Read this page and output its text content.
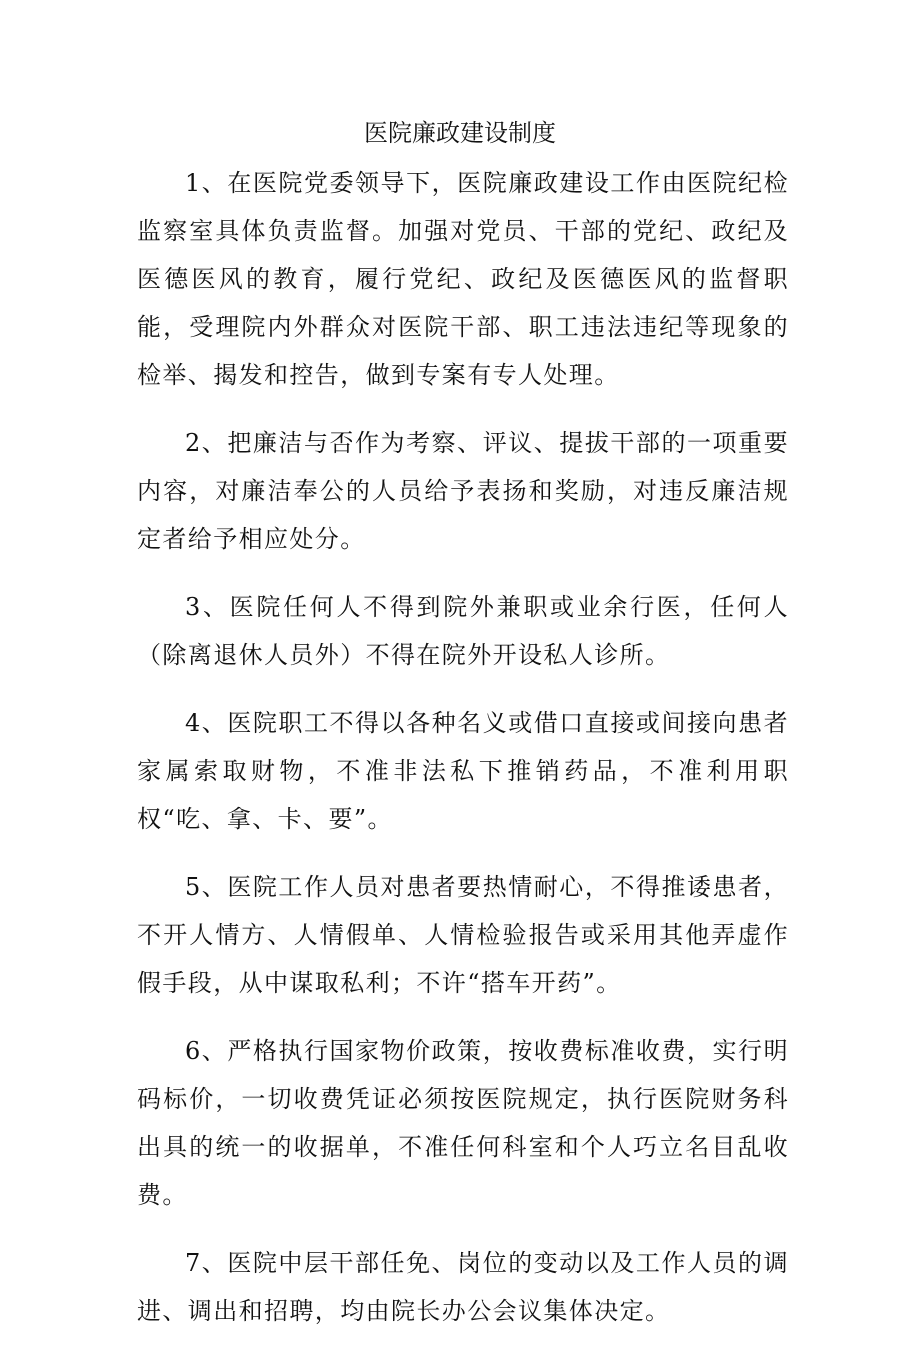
医院廉政建设制度

1、在医院党委领导下，医院廉政建设工作由医院纪检监察室具体负责监督。加强对党员、干部的党纪、政纪及医德医风的教育，履行党纪、政纪及医德医风的监督职能，受理院内外群众对医院干部、职工违法违纪等现象的检举、揭发和控告，做到专案有专人处理。

2、把廉洁与否作为考察、评议、提拔干部的一项重要内容，对廉洁奉公的人员给予表扬和奖励，对违反廉洁规定者给予相应处分。

3、医院任何人不得到院外兼职或业余行医，任何人（除离退休人员外）不得在院外开设私人诊所。

4、医院职工不得以各种名义或借口直接或间接向患者家属索取财物，不准非法私下推销药品，不准利用职权“吃、拿、卡、要”。

5、医院工作人员对患者要热情耐心，不得推诿患者，不开人情方、人情假单、人情检验报告或采用其他弄虚作假手段，从中谋取私利；不许“搭车开药”。

6、严格执行国家物价政策，按收费标准收费，实行明码标价，一切收费凭证必须按医院规定，执行医院财务科出具的统一的收据单，不准任何科室和个人巧立名目乱收费。

7、医院中层干部任免、岗位的变动以及工作人员的调进、调出和招聘，均由院长办公会议集体决定。
